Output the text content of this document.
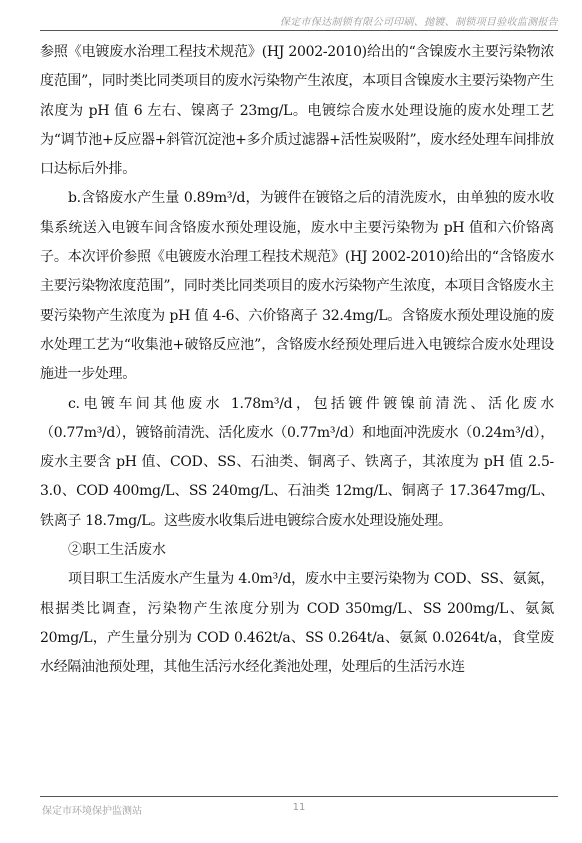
保定市保达制锁有限公司印刷、抛镀、制锁项目验收监测报告

参照《电镀废水治理工程技术规范》(HJ 2002-2010)给出的“含镍废水主要污染物浓度范围”，同时类比同类项目的废水污染物产生浓度，本项目含镍废水主要污染物产生浓度为 pH 值 6 左右、镍离子 23mg/L。电镀综合废水处理设施的废水处理工艺为“调节池+反应器+斜管沉淀池+多介质过滤器+活性炭吸附”，废水经处理车间排放口达标后外排。

b.含铬废水产生量 0.89m³/d，为镀件在镀铬之后的清洗废水，由单独的废水收集系统送入电镀车间含铬废水预处理设施，废水中主要污染物为 pH 值和六价铬离子。本次评价参照《电镀废水治理工程技术规范》(HJ 2002-2010)给出的“含铬废水主要污染物浓度范围”，同时类比同类项目的废水污染物产生浓度，本项目含铬废水主要污染物产生浓度为 pH 值 4-6、六价铬离子 32.4mg/L。含铬废水预处理设施的废水处理工艺为“收集池+破铬反应池”，含铬废水经预处理后进入电镀综合废水处理设施进一步处理。

c.电镀车间其他废水 1.78m³/d，包括镀件镀镍前清洗、活化废水（0.77m³/d），镀铬前清洗、活化废水（0.77m³/d）和地面冲洗废水（0.24m³/d），废水主要含 pH 值、COD、SS、石油类、铜离子、铁离子，其浓度为 pH 值 2.5-3.0、COD 400mg/L、SS 240mg/L、石油类 12mg/L、铜离子 17.3647mg/L、铁离子 18.7mg/L。这些废水收集后进电镀综合废水处理设施处理。

②职工生活废水

项目职工生活废水产生量为 4.0m³/d，废水中主要污染物为 COD、SS、氨氮，根据类比调查，污染物产生浓度分别为 COD 350mg/L、SS 200mg/L、氨氮 20mg/L，产生量分别为 COD 0.462t/a、SS 0.264t/a、氨氮 0.0264t/a，食堂废水经隔油池预处理，其他生活污水经化粪池处理，处理后的生活污水连

保定市环境保护监测站	11
